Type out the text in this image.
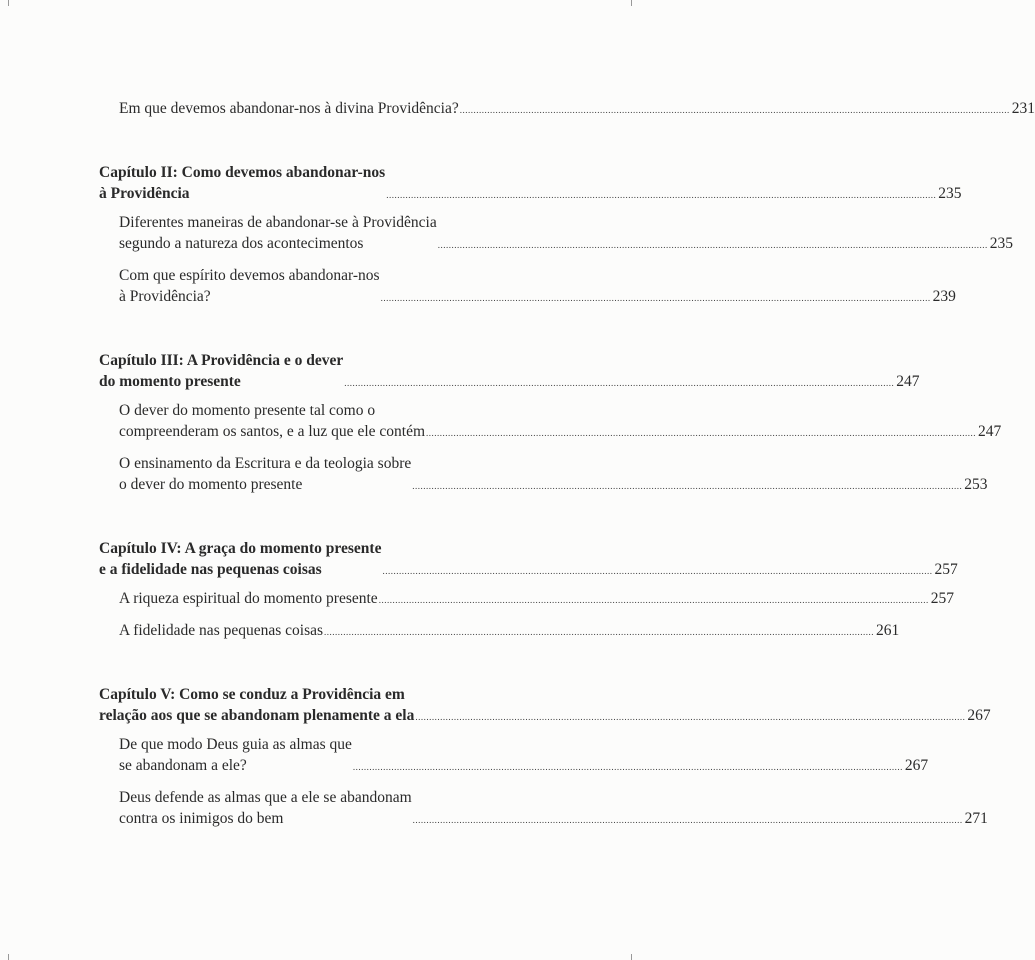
Em que devemos abandonar-nos à divina Providência? ........................................................................................................................................................................................................ 231
Capítulo II: Como devemos abandonar-nos
à Providência	........................................................................................................................................................................................................ 235
Diferentes maneiras de abandonar-se à Providência
segundo a natureza dos acontecimentos	........................................................................................................................................................................................................ 235
Com que espírito devemos abandonar-nos
à Providência?	........................................................................................................................................................................................................ 239
Capítulo III: A Providência e o dever
do momento presente	........................................................................................................................................................................................................ 247
O dever do momento presente tal como o
compreenderam os santos, e a luz que ele contém ........................................................................................................................................................................................................ 247
O ensinamento da Escritura e da teologia sobre
o dever do momento presente	........................................................................................................................................................................................................ 253
Capítulo IV: A graça do momento presente
e a fidelidade nas pequenas coisas	........................................................................................................................................................................................................ 257
A riqueza espiritual do momento presente ........................................................................................................................................................................................................ 257
A fidelidade nas pequenas coisas ........................................................................................................................................................................................................ 261
Capítulo V: Como se conduz a Providência em
relação aos que se abandonam plenamente a ela ........................................................................................................................................................................................................ 267
De que modo Deus guia as almas que
se abandonam a ele?	........................................................................................................................................................................................................ 267
Deus defende as almas que a ele se abandonam
contra os inimigos do bem	........................................................................................................................................................................................................ 271
